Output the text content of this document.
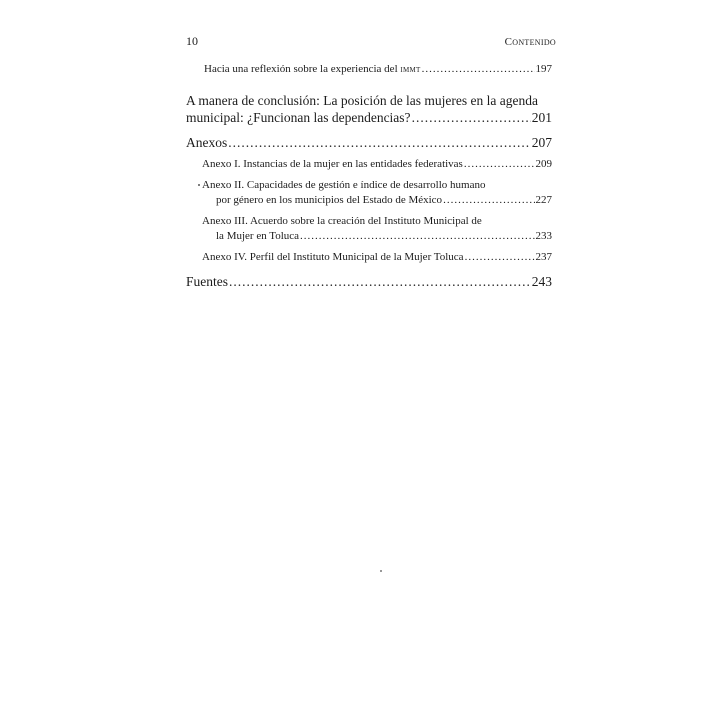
10	Contenido
Hacia una reflexión sobre la experiencia del immt .....	197
A manera de conclusión: La posición de las mujeres en la agenda
municipal: ¿Funcionan las dependencias? .....	201
Anexos .....	207
Anexo I. Instancias de la mujer en las entidades federativas .....	209
Anexo II. Capacidades de gestión e índice de desarrollo humano
por género en los municipios del Estado de México .....	227
Anexo III. Acuerdo sobre la creación del Instituto Municipal de
la Mujer en Toluca .....	233
Anexo IV. Perfil del Instituto Municipal de la Mujer Toluca .....	237
Fuentes .....	243
